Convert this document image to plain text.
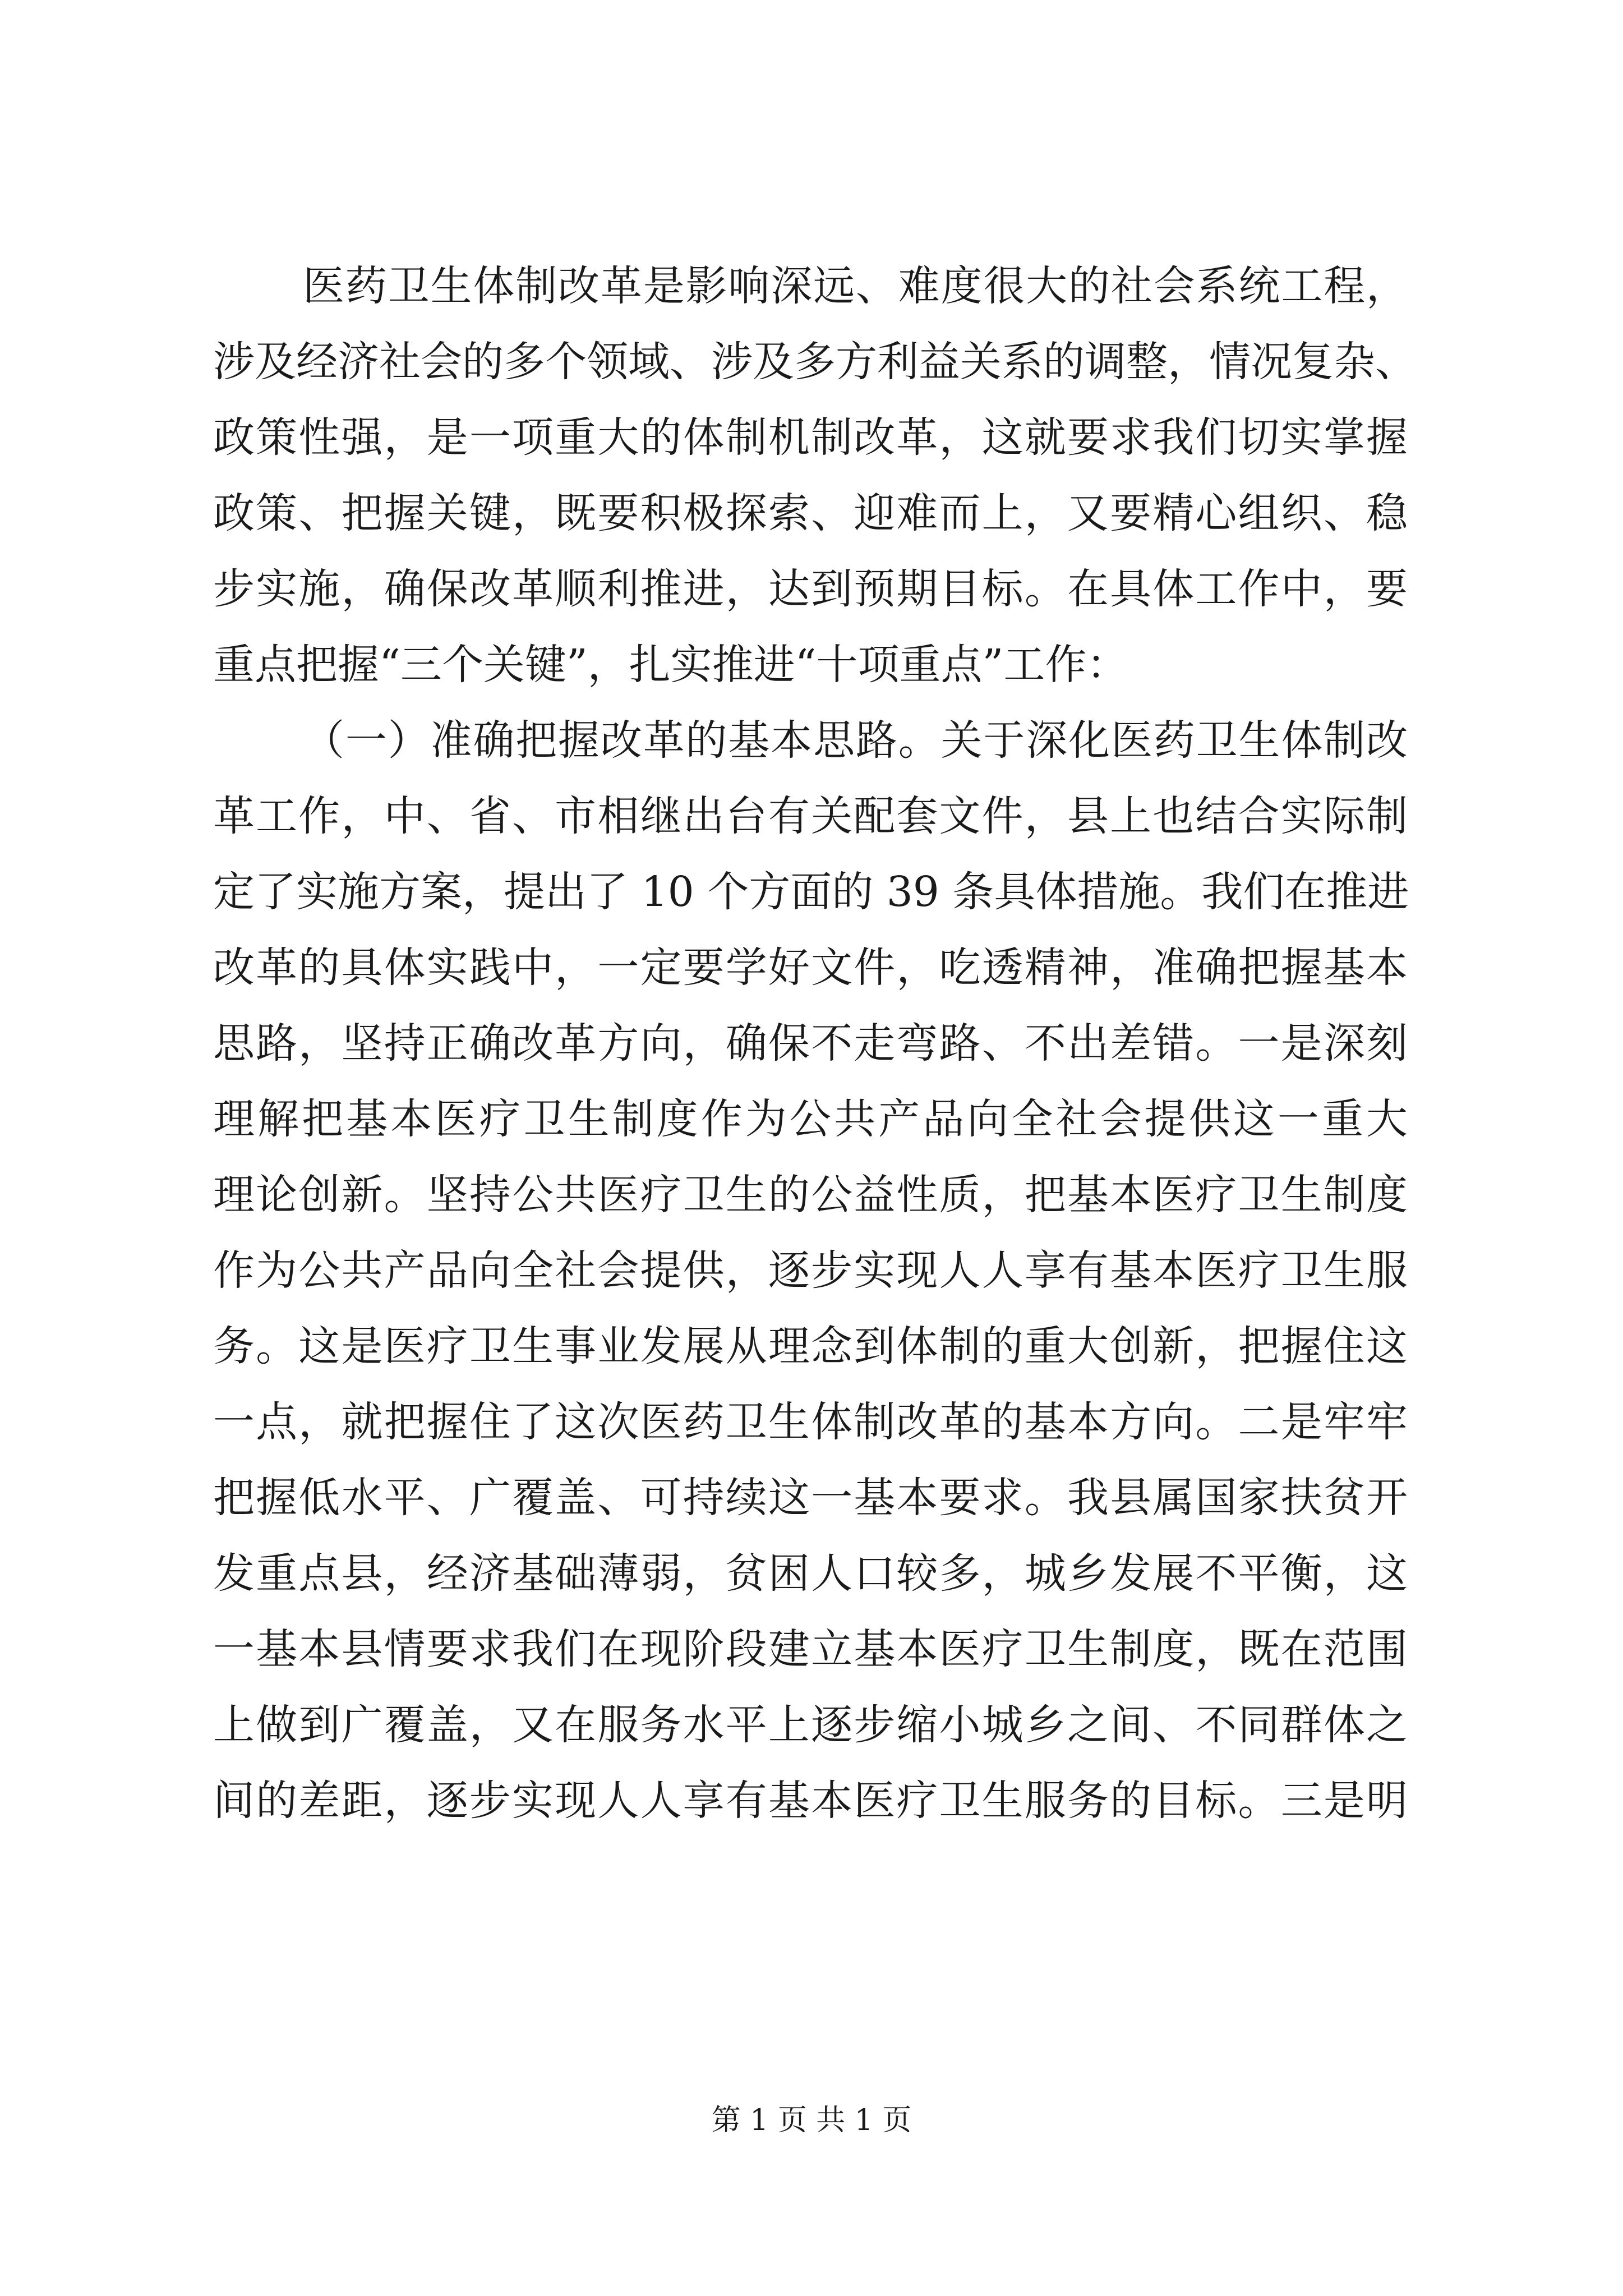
医药卫生体制改革是影响深远、难度很大的社会系统工程，
涉及经济社会的多个领域、涉及多方利益关系的调整，情况复杂、
政策性强，是一项重大的体制机制改革，这就要求我们切实掌握
政策、把握关键，既要积极探索、迎难而上，又要精心组织、稳
步实施，确保改革顺利推进，达到预期目标。在具体工作中，要
重点把握“三个关键”，扎实推进“十项重点”工作：
（一）准确把握改革的基本思路。关于深化医药卫生体制改
革工作，中、省、市相继出台有关配套文件，县上也结合实际制
定了实施方案，提出了 10 个方面的 39 条具体措施。我们在推进
改革的具体实践中，一定要学好文件，吃透精神，准确把握基本
思路，坚持正确改革方向，确保不走弯路、不出差错。一是深刻
理解把基本医疗卫生制度作为公共产品向全社会提供这一重大
理论创新。坚持公共医疗卫生的公益性质，把基本医疗卫生制度
作为公共产品向全社会提供，逐步实现人人享有基本医疗卫生服
务。这是医疗卫生事业发展从理念到体制的重大创新，把握住这
一点，就把握住了这次医药卫生体制改革的基本方向。二是牢牢
把握低水平、广覆盖、可持续这一基本要求。我县属国家扶贫开
发重点县，经济基础薄弱，贫困人口较多，城乡发展不平衡，这
一基本县情要求我们在现阶段建立基本医疗卫生制度，既在范围
上做到广覆盖，又在服务水平上逐步缩小城乡之间、不同群体之
间的差距，逐步实现人人享有基本医疗卫生服务的目标。三是明
第 1 页 共 1 页
